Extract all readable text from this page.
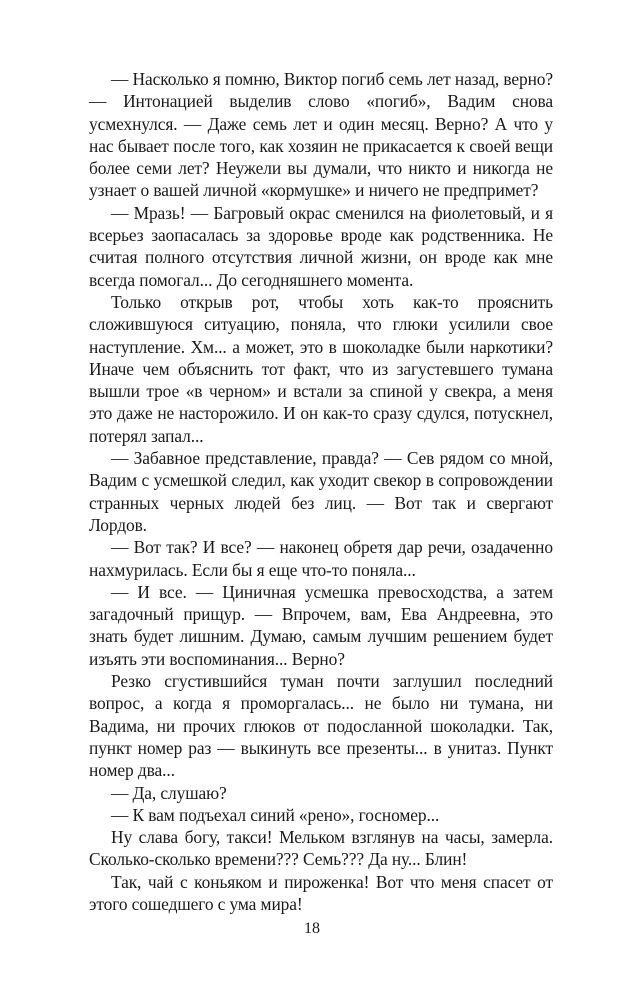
— Насколько я помню, Виктор погиб семь лет назад, верно? — Интонацией выделив слово «погиб», Вадим снова усмехнулся. — Даже семь лет и один месяц. Верно? А что у нас бывает после того, как хозяин не прикасается к своей вещи более семи лет? Неужели вы думали, что никто и никогда не узнает о вашей личной «кормушке» и ничего не предпримет?

— Мразь! — Багровый окрас сменился на фиолетовый, и я всерьез заопасалась за здоровье вроде как родственника. Не считая полного отсутствия личной жизни, он вроде как мне всегда помогал... До сегодняшнего момента.

Только открыв рот, чтобы хоть как-то прояснить сложившуюся ситуацию, поняла, что глюки усилили свое наступление. Хм... а может, это в шоколадке были наркотики? Иначе чем объяснить тот факт, что из загустевшего тумана вышли трое «в черном» и встали за спиной у свекра, а меня это даже не насторожило. И он как-то сразу сдулся, потускнел, потерял запал...

— Забавное представление, правда? — Сев рядом со мной, Вадим с усмешкой следил, как уходит свекор в сопровождении странных черных людей без лиц. — Вот так и свергают Лордов.

— Вот так? И все? — наконец обретя дар речи, озадаченно нахмурилась. Если бы я еще что-то поняла...

— И все. — Циничная усмешка превосходства, а затем загадочный прищур. — Впрочем, вам, Ева Андреевна, это знать будет лишним. Думаю, самым лучшим решением будет изъять эти воспоминания... Верно?

Резко сгустившийся туман почти заглушил последний вопрос, а когда я проморгалась... не было ни тумана, ни Вадима, ни прочих глюков от подосланной шоколадки. Так, пункт номер раз — выкинуть все презенты... в унитаз. Пункт номер два...

— Да, слушаю?

— К вам подъехал синий «рено», госномер...

Ну слава богу, такси! Мельком взглянув на часы, замерла. Сколько-сколько времени??? Семь??? Да ну... Блин!

Так, чай с коньяком и пироженка! Вот что меня спасет от этого сошедшего с ума мира!

18
